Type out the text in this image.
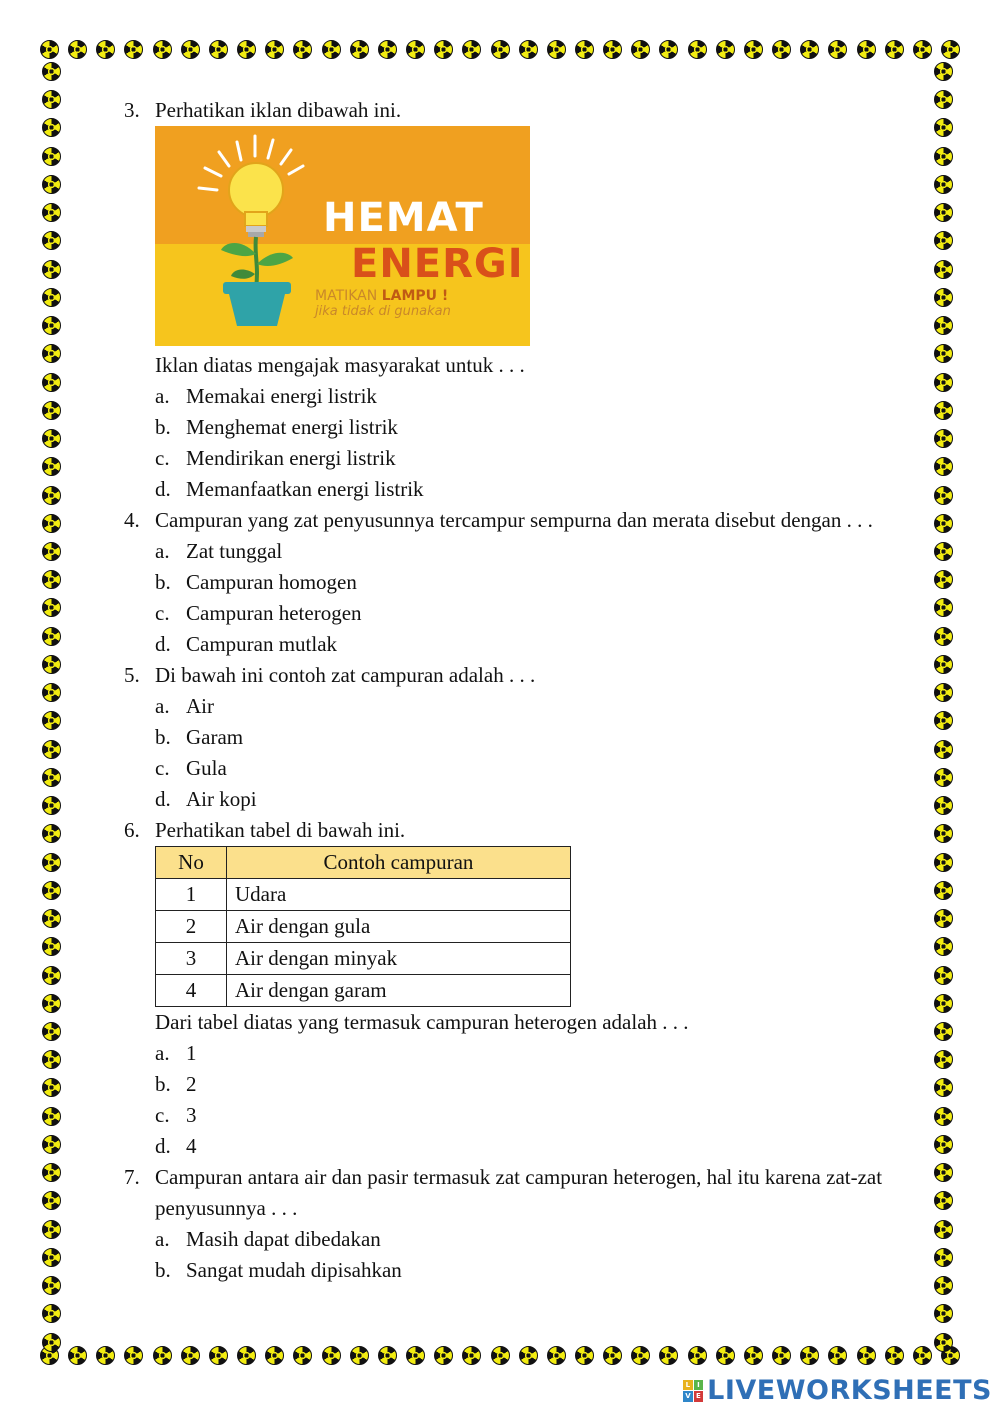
3. Perhatikan iklan dibawah ini.
HEMAT
ENERGI
MATIKAN LAMPU !
jika tidak di gunakan
Iklan diatas mengajak masyarakat untuk . . .
a. Memakai energi listrik
b. Menghemat energi listrik
c. Mendirikan energi listrik
d. Memanfaatkan energi listrik
4. Campuran yang zat penyusunnya tercampur sempurna dan merata disebut dengan . . .
a. Zat tunggal
b. Campuran homogen
c. Campuran heterogen
d. Campuran mutlak
5. Di bawah ini contoh zat campuran adalah . . .
a. Air
b. Garam
c. Gula
d. Air kopi
6. Perhatikan tabel di bawah ini.
No	Contoh campuran
1	Udara
2	Air dengan gula
3	Air dengan minyak
4	Air dengan garam
Dari tabel diatas yang termasuk campuran heterogen adalah . . .
a. 1
b. 2
c. 3
d. 4
7. Campuran antara air dan pasir termasuk zat campuran heterogen, hal itu karena zat-zat penyusunnya . . .
a. Masih dapat dibedakan
b. Sangat mudah dipisahkan
L I
V E LIVEWORKSHEETS
